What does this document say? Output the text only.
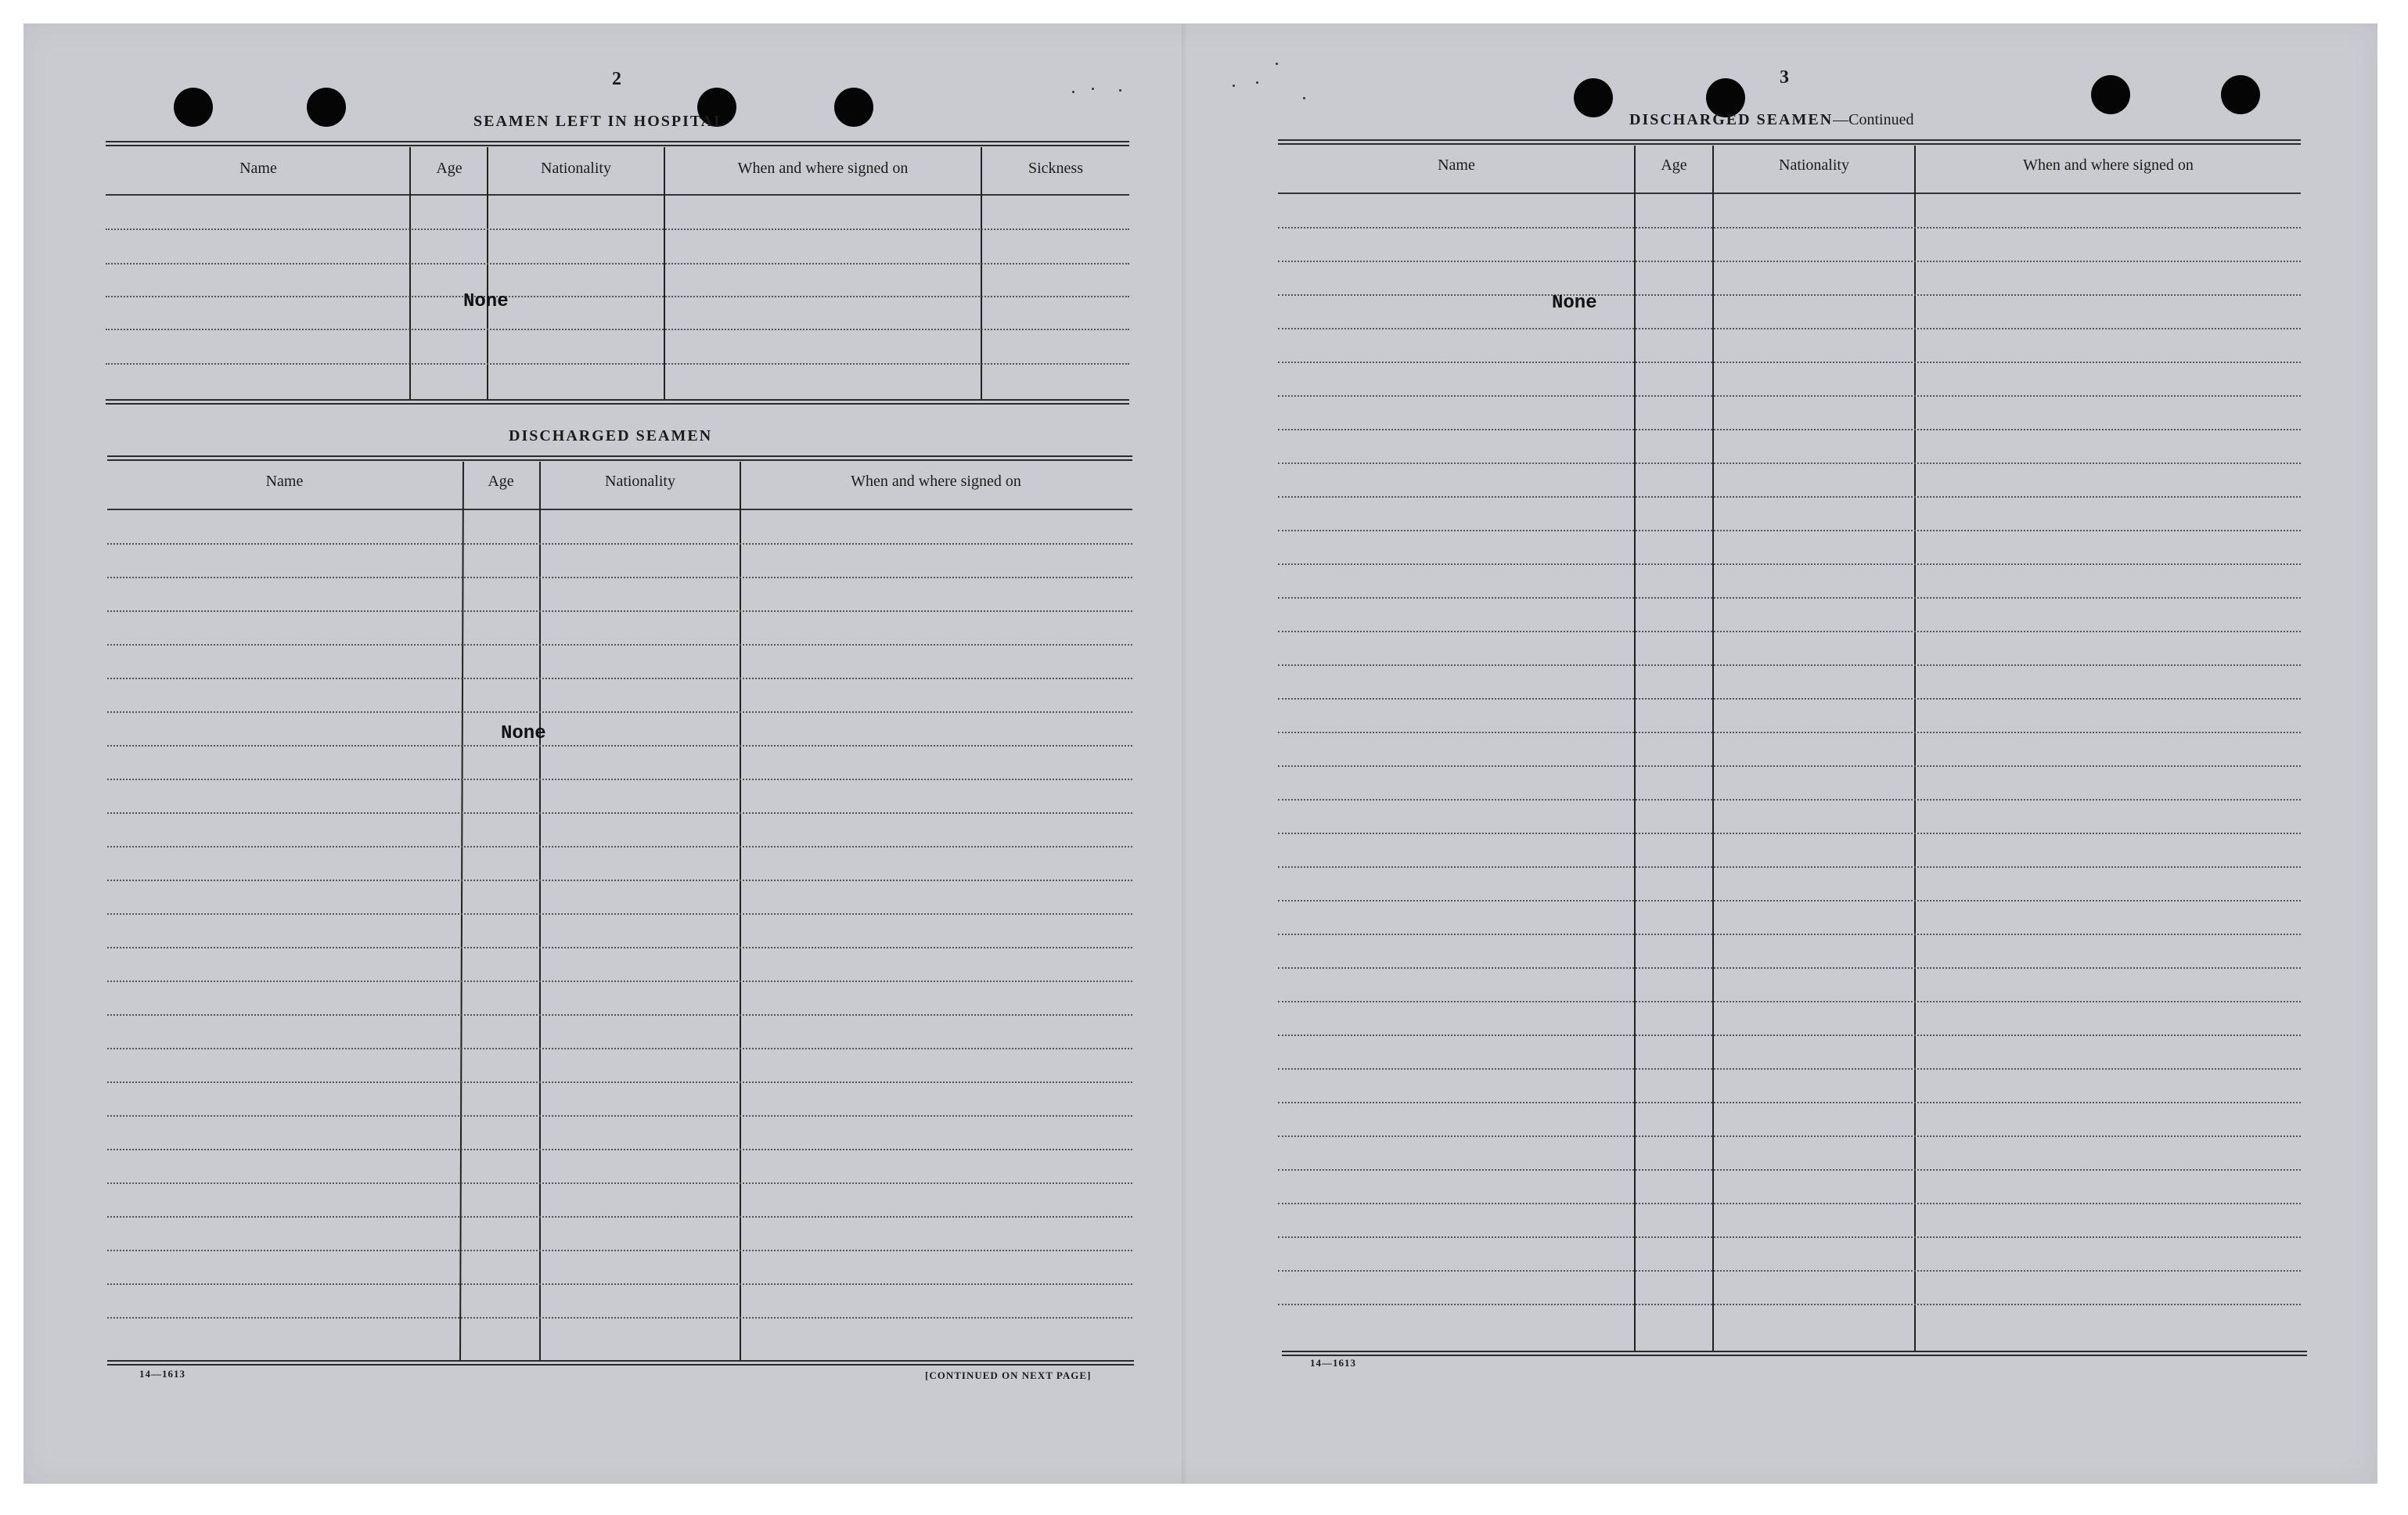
2
SEAMEN LEFT IN HOSPITAL
Name	Age	Nationality	When and where signed on	Sickness
None
DISCHARGED SEAMEN
Name	Age	Nationality	When and where signed on
None
14—1613	[CONTINUED ON NEXT PAGE]
3
DISCHARGED SEAMEN—Continued
Name	Age	Nationality	When and where signed on
None
14—1613
